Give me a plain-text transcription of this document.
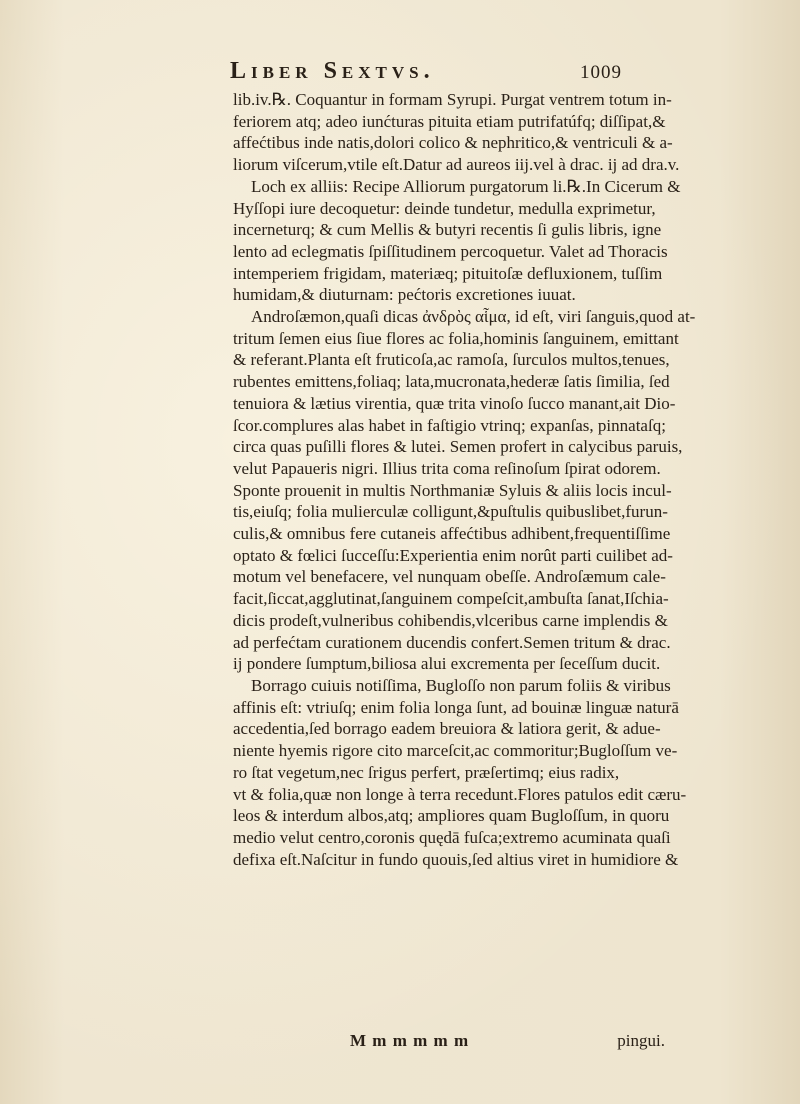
Liber Sextvs.	1009
lib.iv.℞. Coquantur in formam Syrupi. Purgat ventrem totum in-
feriorem atq; adeo iunćturas pituita etiam putrifatúfq; diſſipat,&
affećtibus inde natis,dolori colico & nephritico,& ventriculi & a-
liorum viſcerum,vtile eſt.Datur ad aureos iij.vel à drac. ij ad dra.v.
Loch ex alliis: Recipe Alliorum purgatorum li.℞.In Cicerum &
Hyſſopi iure decoquetur: deinde tundetur, medulla exprimetur,
incerneturq; & cum Mellis & butyri recentis ſi gulis libris, igne
lento ad eclegmatis ſpiſſitudinem percoquetur. Valet ad Thoracis
intemperiem frigidam, materiæq; pituitoſæ defluxionem, tuſſim
humidam,& diuturnam: pećtoris excretiones iuuat.
Androſæmon,quaſi dicas ἀνδρὸς αἷμα, id eſt, viri ſanguis,quod at-
tritum ſemen eius ſiue flores ac folia,hominis ſanguinem, emittant
& referant.Planta eſt fruticoſa,ac ramoſa, ſurculos multos,tenues,
rubentes emittens,foliaq; lata,mucronata,hederæ ſatis ſimilia, ſed
tenuiora & lætius virentia, quæ trita vinoſo ſucco manant,ait Dio-
ſcor.complures alas habet in faſtigio vtrinq; expanſas, pinnataſq;
circa quas puſilli flores & lutei. Semen profert in calycibus paruis,
velut Papaueris nigri. Illius trita coma reſinoſum ſpirat odorem.
Sponte prouenit in multis Northmaniæ Syluis & aliis locis incul-
tis,eiuſq; folia mulierculæ colligunt,&puſtulis quibuslibet,furun-
culis,& omnibus fere cutaneis affećtibus adhibent,frequentiſſime
optato & fœlici ſucceſſu:Experientia enim norût parti cuilibet ad-
motum vel benefacere, vel nunquam obeſſe. Androſæmum cale-
facit,ſiccat,agglutinat,ſanguinem compeſcit,ambuſta ſanat,Iſchia-
dicis prodeſt,vulneribus cohibendis,vlceribus carne implendis &
ad perfećtam curationem ducendis confert.Semen tritum & drac.
ij pondere ſumptum,biliosa alui excrementa per ſeceſſum ducit.
Borrago cuiuis notiſſima, Bugloſſo non parum foliis & viribus
affinis eſt: vtriuſq; enim folia longa ſunt, ad bouinæ linguæ naturā
accedentia,ſed borrago eadem breuiora & latiora gerit, & adue-
niente hyemis rigore cito marceſcit,ac commoritur;Bugloſſum ve-
ro ſtat vegetum,nec ſrigus perfert, præſertimq; eius radix,
vt & folia,quæ non longe à terra recedunt.Flores patulos edit cæru-
leos & interdum albos,atq; ampliores quam Bugloſſum, in quoru
medio velut centro,coronis quędā fuſca;extremo acuminata quaſi
defixa eſt.Naſcitur in fundo quouis,ſed altius viret in humidiore &
M m m m m m	pingui.
